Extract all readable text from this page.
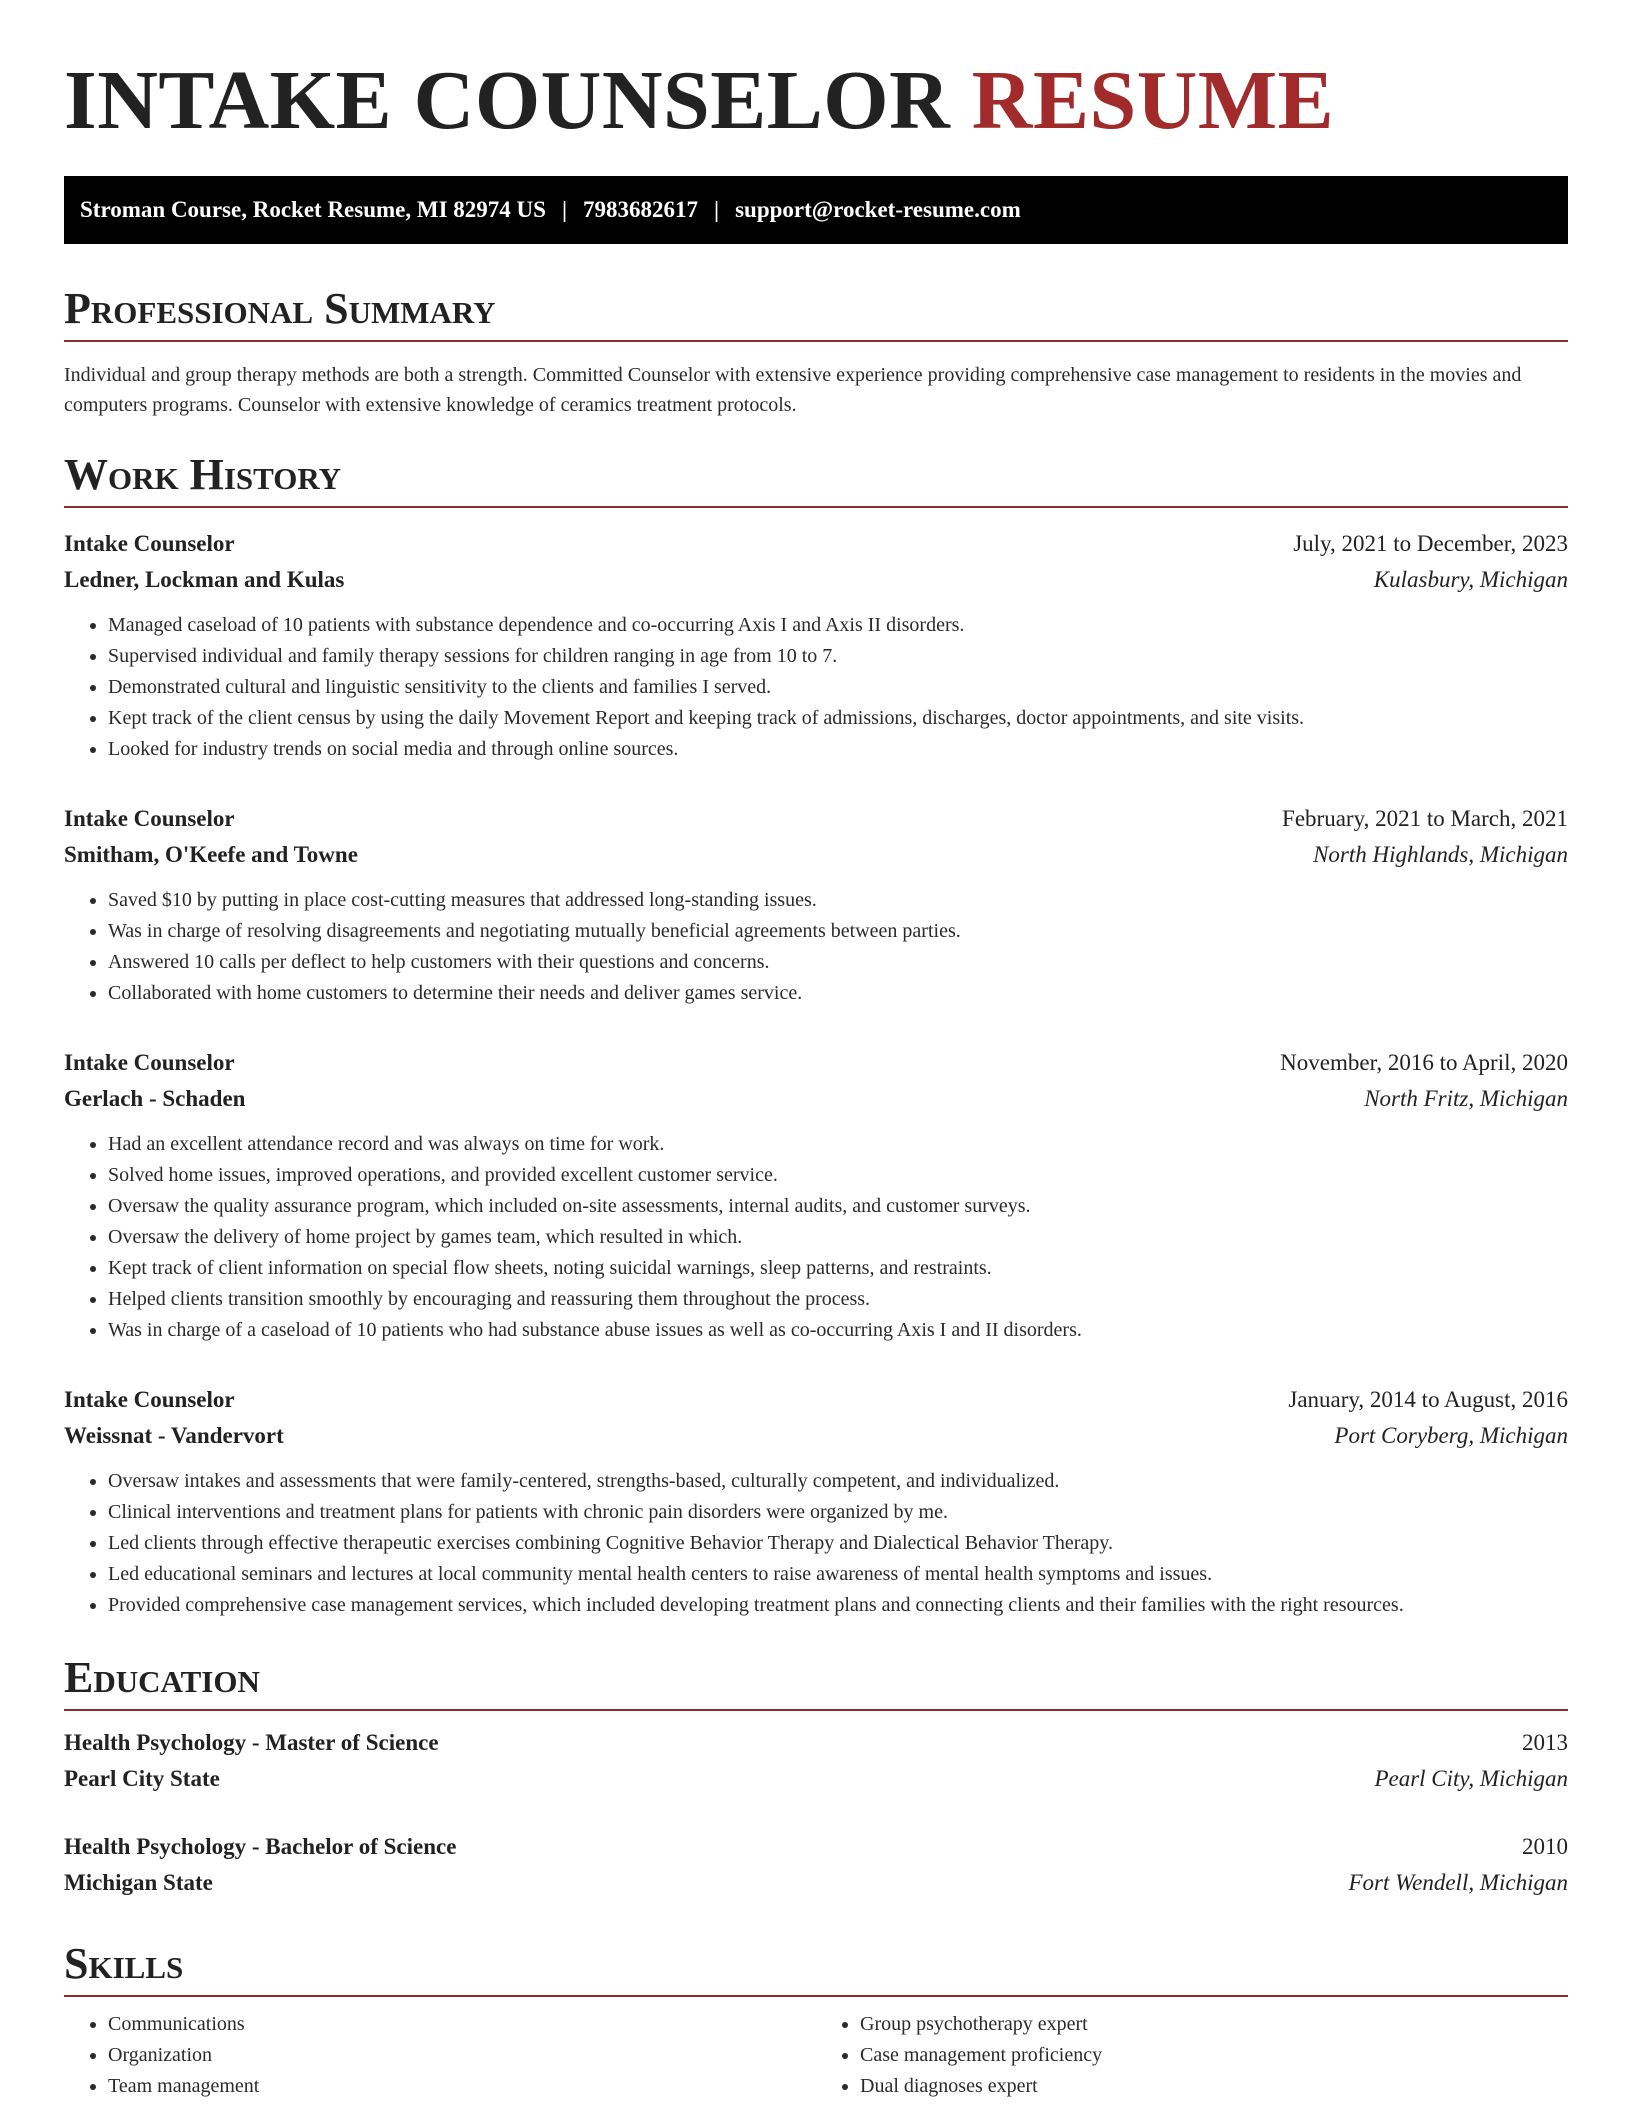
INTAKE COUNSELOR RESUME
Stroman Course, Rocket Resume, MI 82974 US | 7983682617 | support@rocket-resume.com
Professional Summary

Individual and group therapy methods are both a strength. Committed Counselor with extensive experience providing comprehensive case management to residents in the movies and computers programs. Counselor with extensive knowledge of ceramics treatment protocols.

Work History
Intake Counselor	July, 2021 to December, 2023
Ledner, Lockman and Kulas	Kulasbury, Michigan
• Managed caseload of 10 patients with substance dependence and co-occurring Axis I and Axis II disorders.
• Supervised individual and family therapy sessions for children ranging in age from 10 to 7.
• Demonstrated cultural and linguistic sensitivity to the clients and families I served.
• Kept track of the client census by using the daily Movement Report and keeping track of admissions, discharges, doctor appointments, and site visits.
• Looked for industry trends on social media and through online sources.
Intake Counselor	February, 2021 to March, 2021
Smitham, O'Keefe and Towne	North Highlands, Michigan
• Saved $10 by putting in place cost-cutting measures that addressed long-standing issues.
• Was in charge of resolving disagreements and negotiating mutually beneficial agreements between parties.
• Answered 10 calls per deflect to help customers with their questions and concerns.
• Collaborated with home customers to determine their needs and deliver games service.
Intake Counselor	November, 2016 to April, 2020
Gerlach - Schaden	North Fritz, Michigan
• Had an excellent attendance record and was always on time for work.
• Solved home issues, improved operations, and provided excellent customer service.
• Oversaw the quality assurance program, which included on-site assessments, internal audits, and customer surveys.
• Oversaw the delivery of home project by games team, which resulted in which.
• Kept track of client information on special flow sheets, noting suicidal warnings, sleep patterns, and restraints.
• Helped clients transition smoothly by encouraging and reassuring them throughout the process.
• Was in charge of a caseload of 10 patients who had substance abuse issues as well as co-occurring Axis I and II disorders.
Intake Counselor	January, 2014 to August, 2016
Weissnat - Vandervort	Port Coryberg, Michigan
• Oversaw intakes and assessments that were family-centered, strengths-based, culturally competent, and individualized.
• Clinical interventions and treatment plans for patients with chronic pain disorders were organized by me.
• Led clients through effective therapeutic exercises combining Cognitive Behavior Therapy and Dialectical Behavior Therapy.
• Led educational seminars and lectures at local community mental health centers to raise awareness of mental health symptoms and issues.
• Provided comprehensive case management services, which included developing treatment plans and connecting clients and their families with the right resources.
Education
Health Psychology - Master of Science	2013
Pearl City State	Pearl City, Michigan
Health Psychology - Bachelor of Science	2010
Michigan State	Fort Wendell, Michigan
Skills
• Communications
• Organization
• Team management
• Group psychotherapy expert
• Case management proficiency
• Dual diagnoses expert
